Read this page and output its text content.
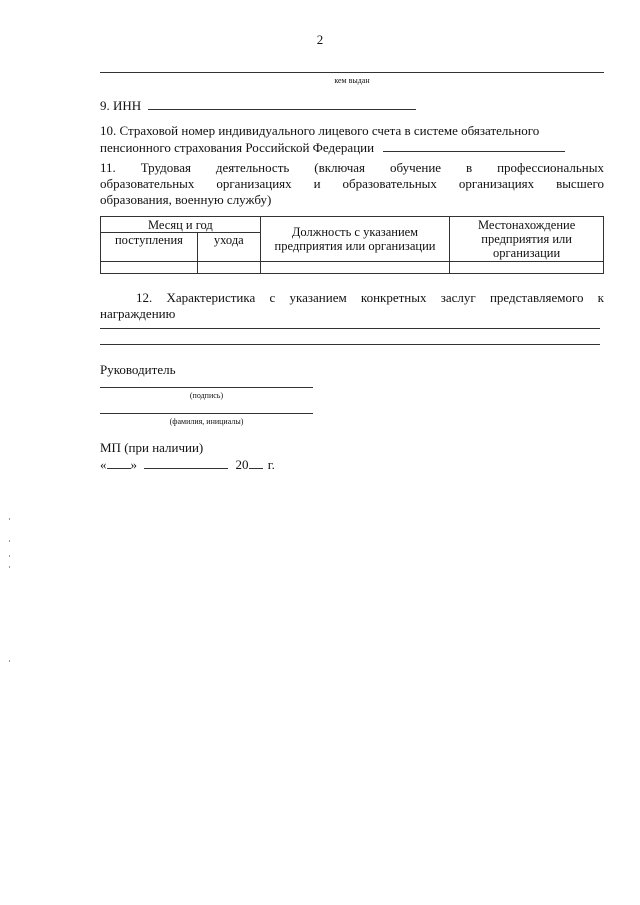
2
кем выдан
9. ИНН
10. Страховой номер индивидуального лицевого счета в системе обязательного
пенсионного страхования Российской Федерации
11. Трудовая деятельность (включая обучение в профессиональных
образовательных организациях и образовательных организациях высшего
образования, военную службу)
Месяц и год		Должность с указанием предприятия или организации	Местонахождение предприятия или организации
поступления	ухода		

12. Характеристика с указанием конкретных заслуг представляемого к
награждению
Руководитель
(подпись)
(фамилия, инициалы)
МП (при наличии)
« »	20 г.
